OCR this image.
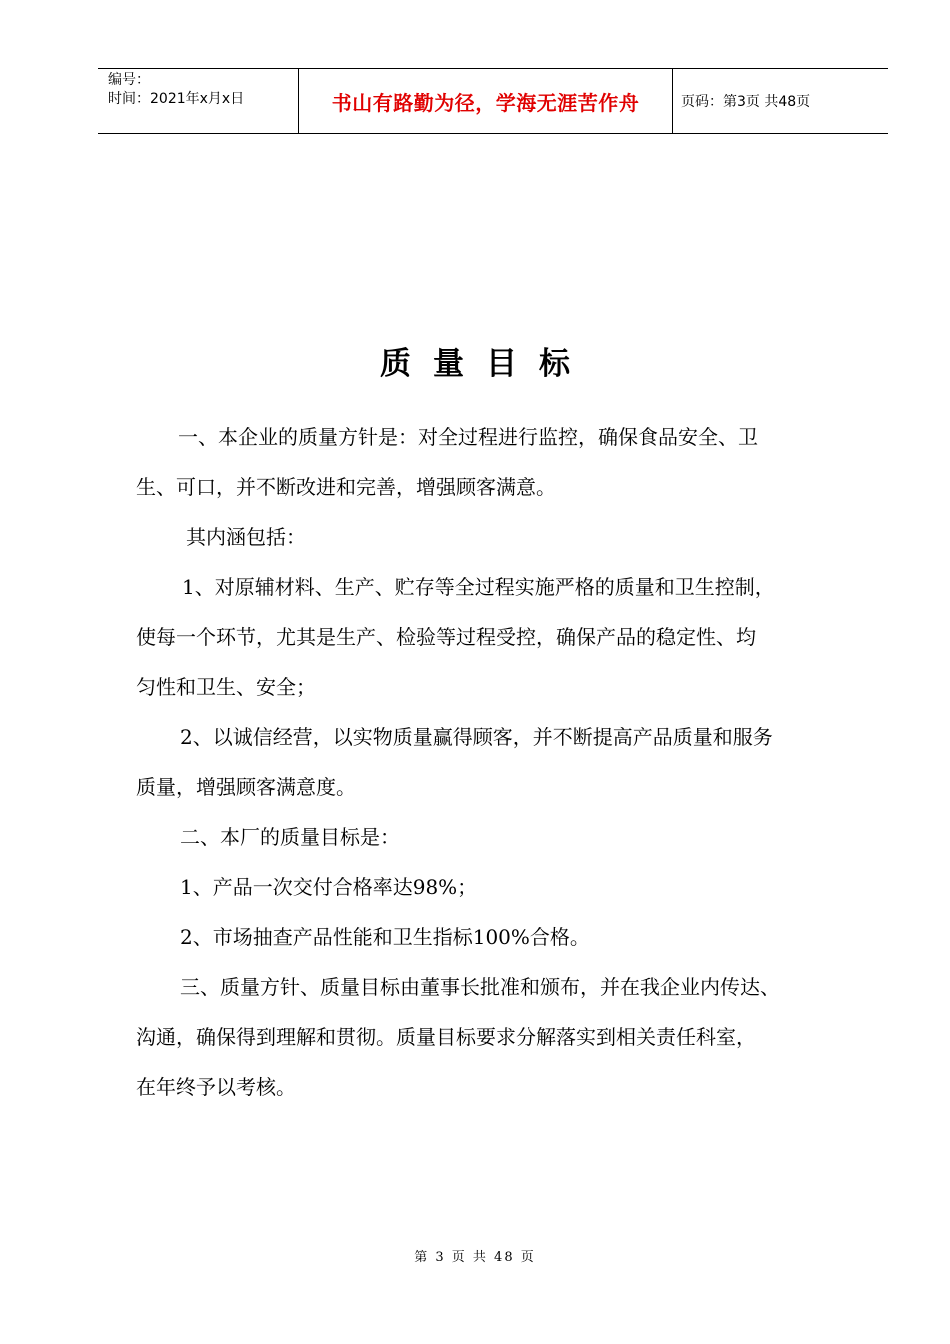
编号：
时间：2021年x月x日	书山有路勤为径，学海无涯苦作舟	页码：第3页 共48页
质量目标

一、本企业的质量方针是：对全过程进行监控，确保食品安全、卫

生、可口，并不断改进和完善，增强顾客满意。

其内涵包括：

1、对原辅材料、生产、贮存等全过程实施严格的质量和卫生控制，

使每一个环节，尤其是生产、检验等过程受控，确保产品的稳定性、均

匀性和卫生、安全；

2、以诚信经营，以实物质量赢得顾客，并不断提高产品质量和服务

质量，增强顾客满意度。

二、本厂的质量目标是：

1、产品一次交付合格率达98%；

2、市场抽查产品性能和卫生指标100%合格。

三、质量方针、质量目标由董事长批准和颁布，并在我企业内传达、

沟通，确保得到理解和贯彻。质量目标要求分解落实到相关责任科室，

在年终予以考核。

第 3 页 共 48 页
